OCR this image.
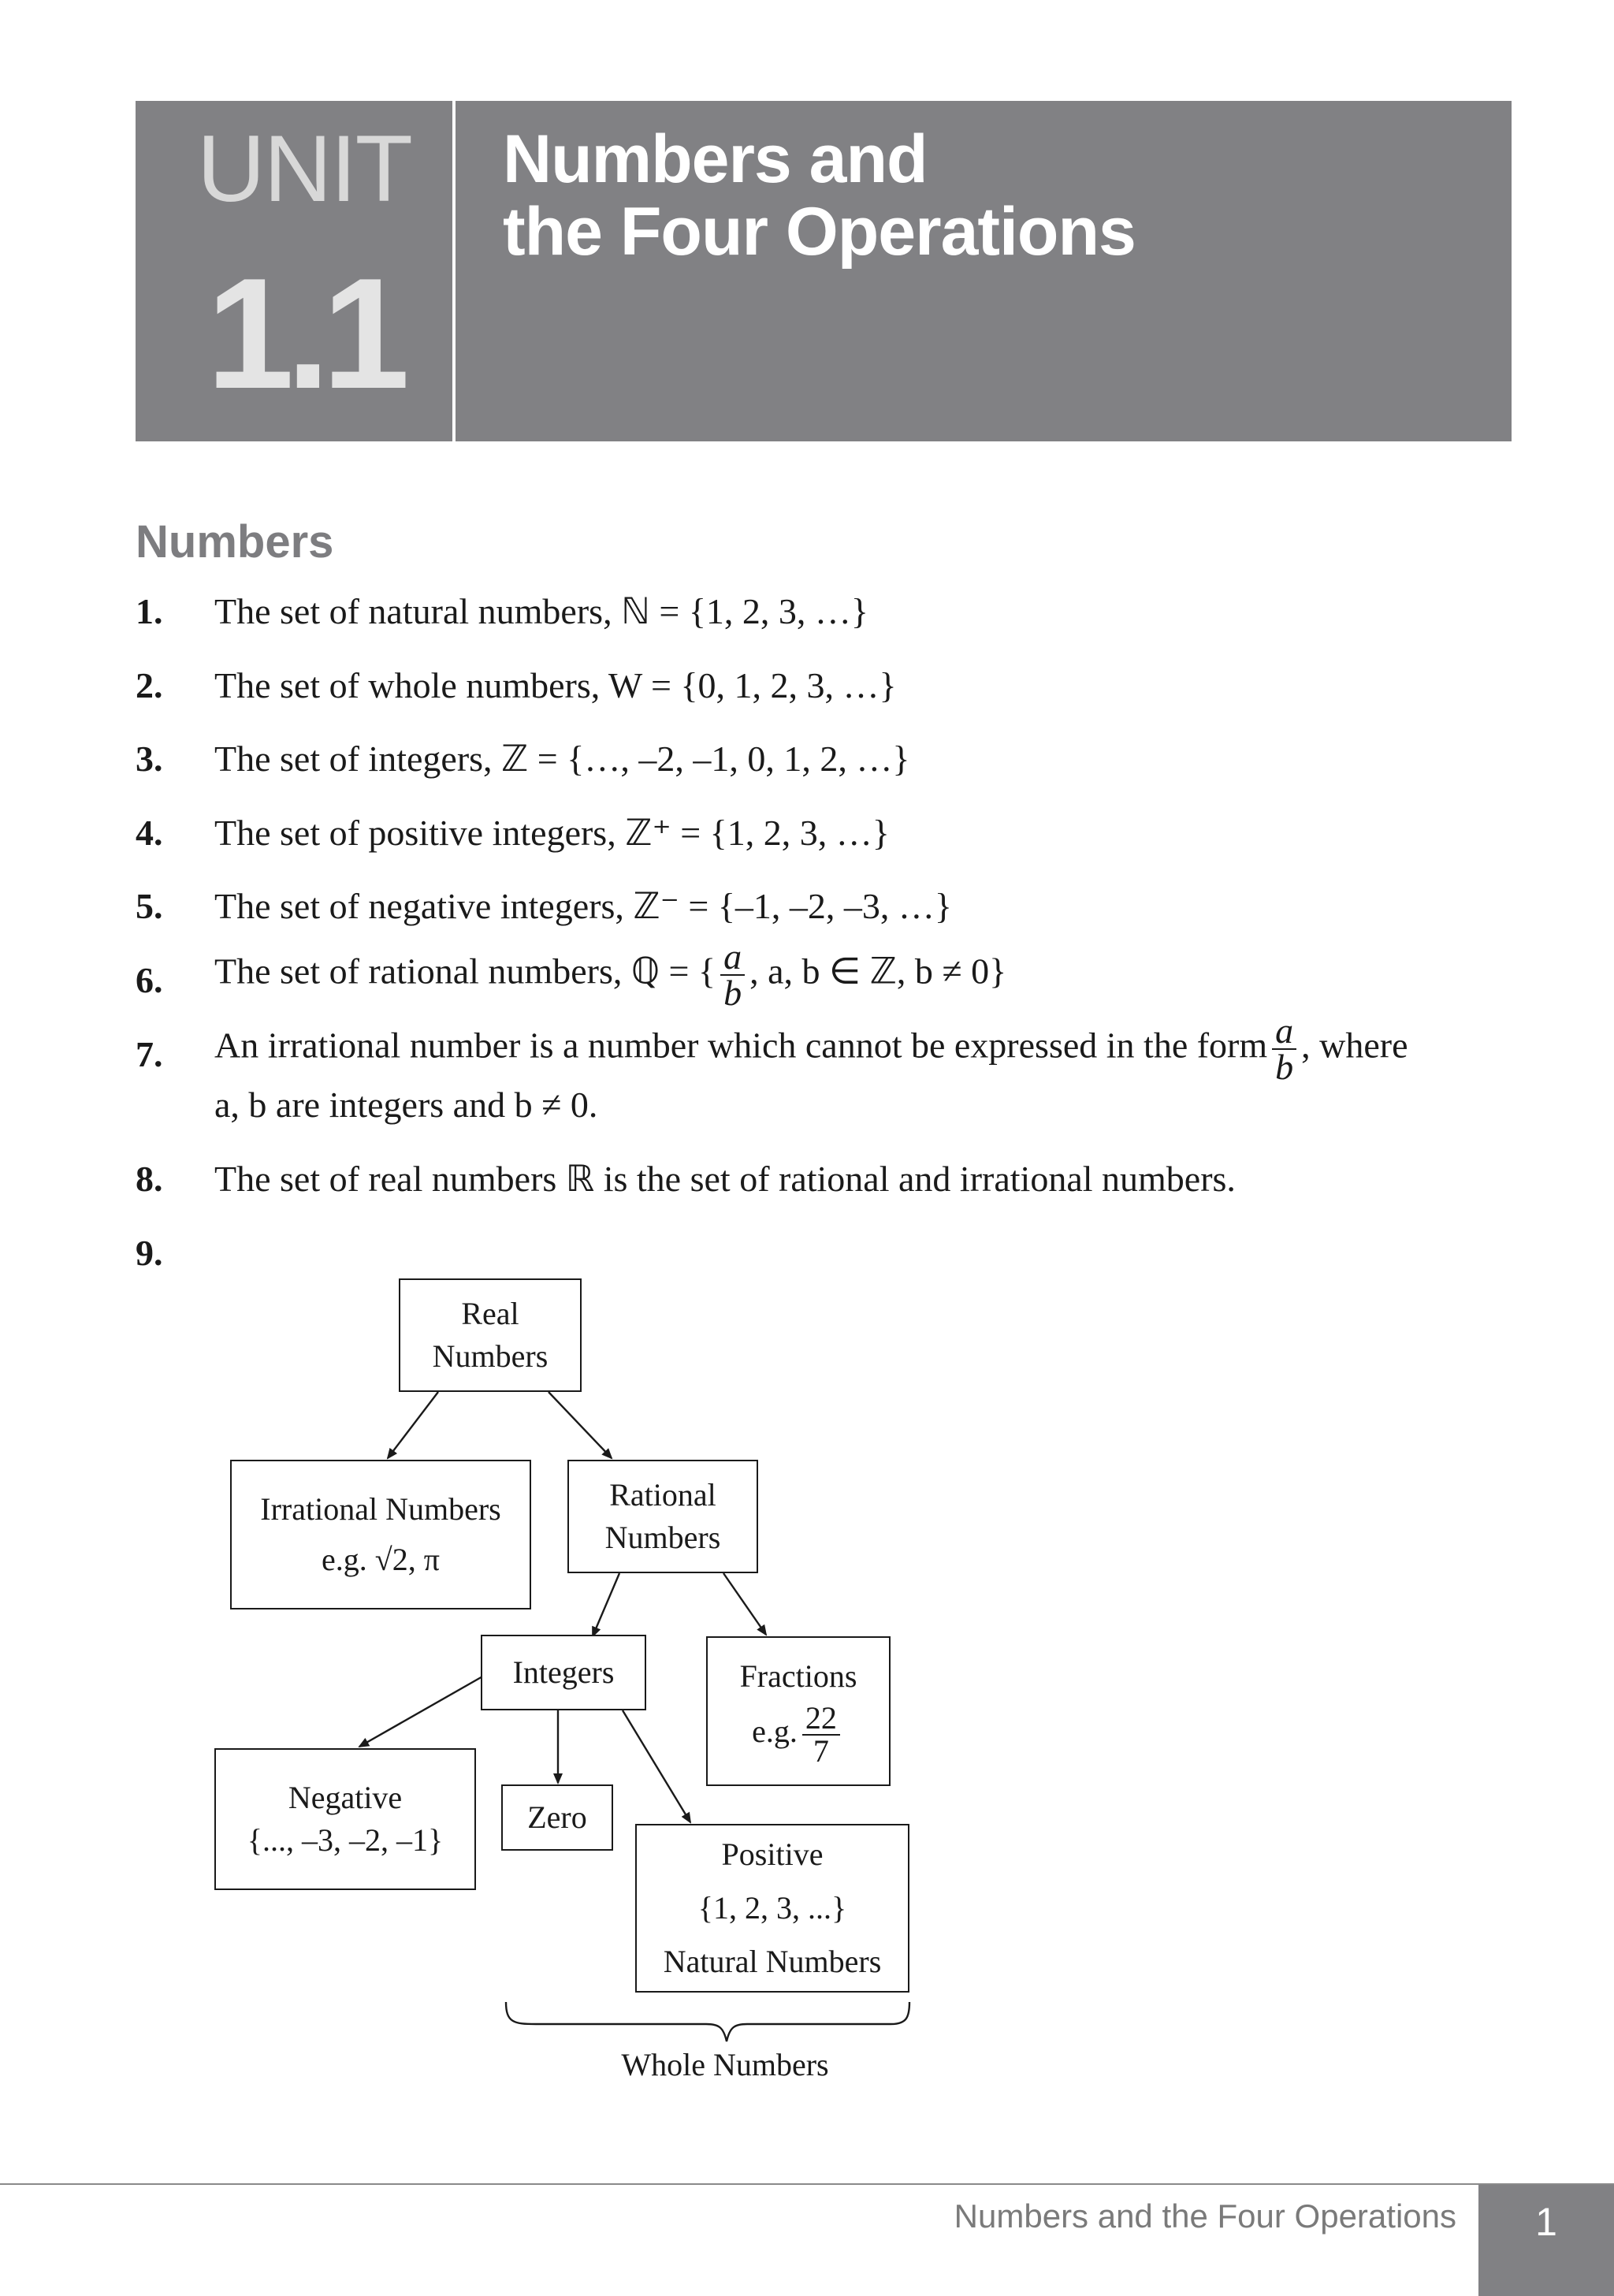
UNIT
1.1
Numbers and
the Four Operations
Numbers
1. The set of natural numbers, ℕ = {1, 2, 3, …}
2. The set of whole numbers, W = {0, 1, 2, 3, …}
3. The set of integers, ℤ = {…, –2, –1, 0, 1, 2, …}
4. The set of positive integers, ℤ⁺ = {1, 2, 3, …}
5. The set of negative integers, ℤ⁻ = {–1, –2, –3, …}
6. The set of rational numbers, ℚ = { $\frac{a}{b}$ , a, b ∈ ℤ, b ≠ 0}
7. An irrational number is a number which cannot be expressed in the form $\frac{a}{b}$ , where
a, b are integers and b ≠ 0.
8. The set of real numbers ℝ is the set of rational and irrational numbers.
9.
Real
Numbers
Irrational Numbers
e.g. √2, π
Rational
Numbers
Integers	Fractions
e.g. $\frac{22}{7}$
Negative
{..., –3, –2, –1}
Zero
Positive
{1, 2, 3, ...}
Natural Numbers
Whole Numbers
Numbers and the Four Operations	1
